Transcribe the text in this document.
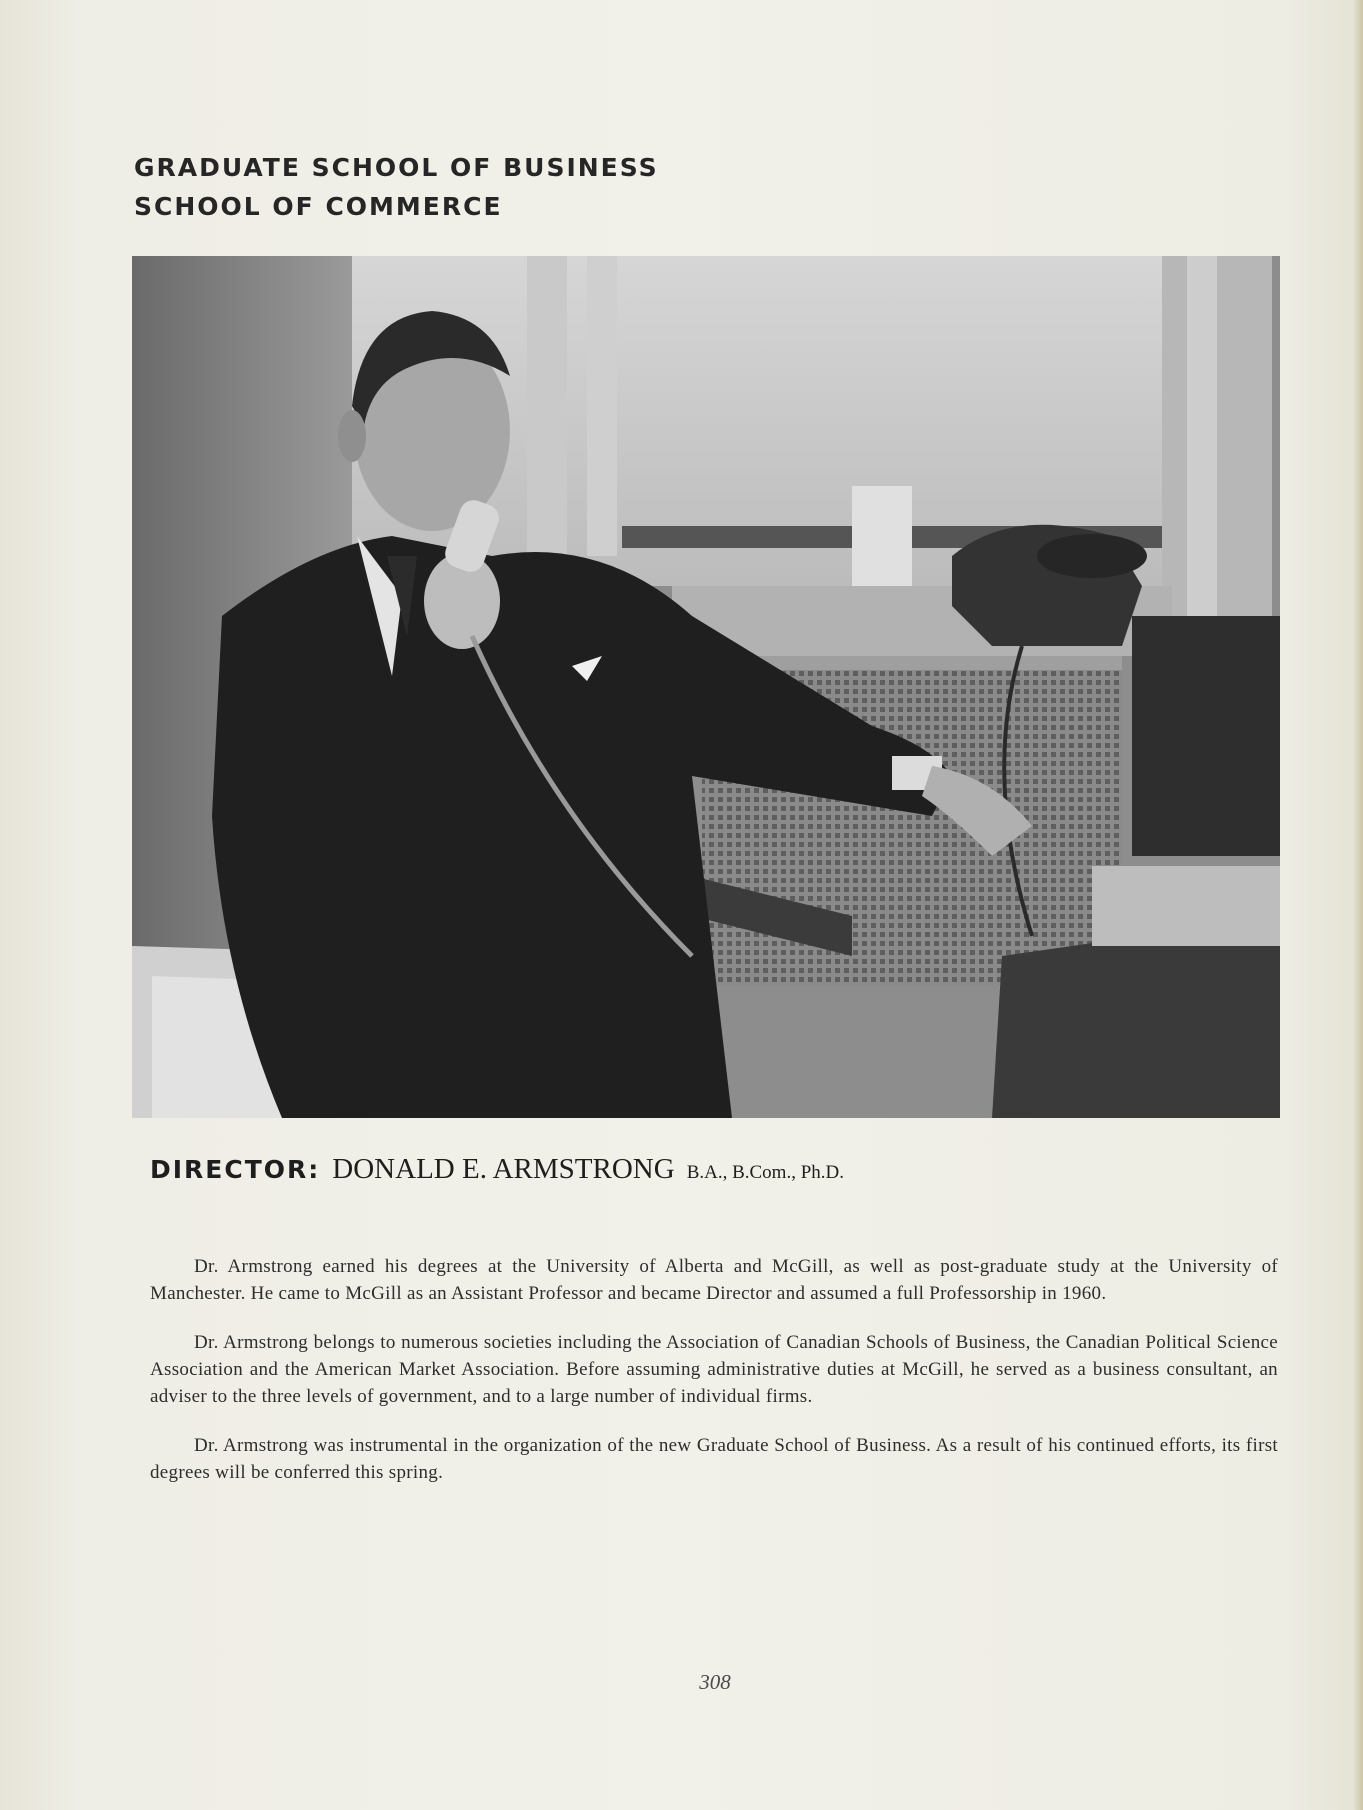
GRADUATE SCHOOL OF BUSINESS
SCHOOL OF COMMERCE
DIRECTOR: DONALD E. ARMSTRONG B.A., B.Com., Ph.D.

Dr. Armstrong earned his degrees at the University of Alberta and McGill, as well as post-graduate study at the University of Manchester. He came to McGill as an Assistant Professor and became Director and assumed a full Professorship in 1960.

Dr. Armstrong belongs to numerous societies including the Association of Canadian Schools of Business, the Canadian Political Science Association and the American Market Association. Before assuming administrative duties at McGill, he served as a business consultant, an adviser to the three levels of government, and to a large number of individual firms.

Dr. Armstrong was instrumental in the organization of the new Graduate School of Business. As a result of his continued efforts, its first degrees will be conferred this spring.

308
